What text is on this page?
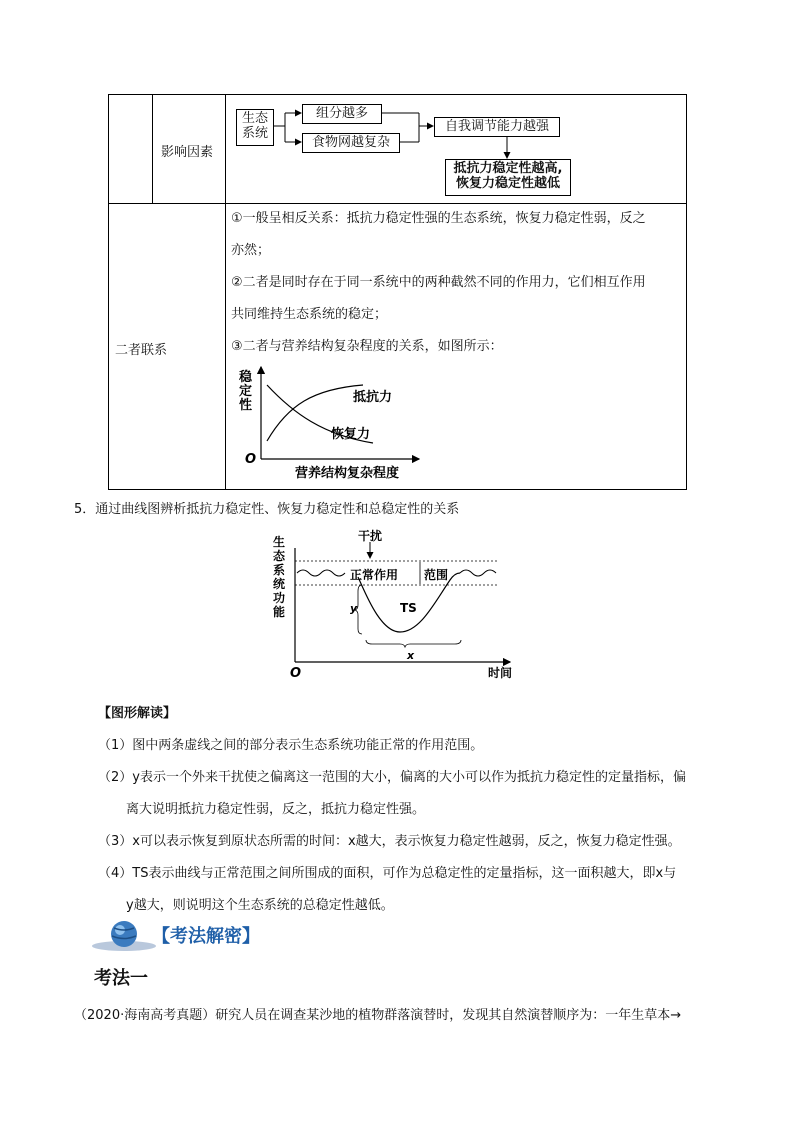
影响因素
二者联系
生态
系统
组分越多
食物网越复杂
自我调节能力越强
抵抗力稳定性越高,
恢复力稳定性越低
①一般呈相反关系：抵抗力稳定性强的生态系统，恢复力稳定性弱，反之
亦然；
②二者是同时存在于同一系统中的两种截然不同的作用力，它们相互作用
共同维持生态系统的稳定；
③二者与营养结构复杂程度的关系，如图所示：
稳
定
性
O
抵抗力
恢复力
营养结构复杂程度
5．通过曲线图辨析抵抗力稳定性、恢复力稳定性和总稳定性的关系
生
态
系
统
功
能
干扰
正常作用 范围
TS
y
x
O	时间
【图形解读】
（1）图中两条虚线之间的部分表示生态系统功能正常的作用范围。
（2）y表示一个外来干扰使之偏离这一范围的大小，偏离的大小可以作为抵抗力稳定性的定量指标，偏
离大说明抵抗力稳定性弱，反之，抵抗力稳定性强。
（3）x可以表示恢复到原状态所需的时间：x越大，表示恢复力稳定性越弱，反之，恢复力稳定性强。
（4）TS表示曲线与正常范围之间所围成的面积，可作为总稳定性的定量指标，这一面积越大，即x与
y越大，则说明这个生态系统的总稳定性越低。
【考法解密】
考法一
（2020·海南高考真题）研究人员在调查某沙地的植物群落演替时，发现其自然演替顺序为：一年生草本→
